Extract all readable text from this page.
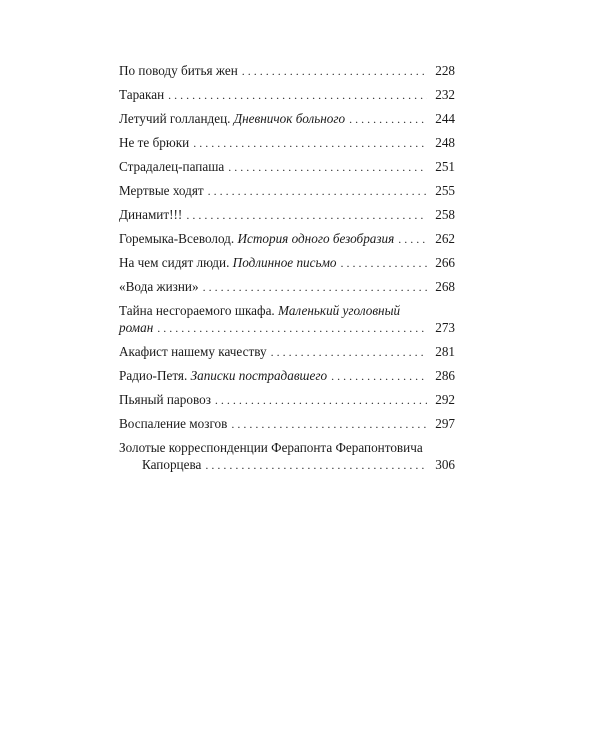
По поводу битья жен . . .	228
Таракан . . .	232
Летучий голландец. Дневничок больного . . .	244
Не те брюки . . .	248
Страдалец-папаша . . .	251
Мертвые ходят . . .	255
Динамит!!! . . .	258
Горемыка-Всеволод. История одного безобразия . . .	262
На чем сидят люди. Подлинное письмо . . .	266
«Вода жизни» . . .	268
Тайна несгораемого шкафа. Маленький уголовный
роман . . .	273
Акафист нашему качеству . . .	281
Радио-Петя. Записки пострадавшего . . .	286
Пьяный паровоз . . .	292
Воспаление мозгов . . .	297
Золотые корреспонденции Ферапонта Ферапонтовича
Капорцева . . .	306
